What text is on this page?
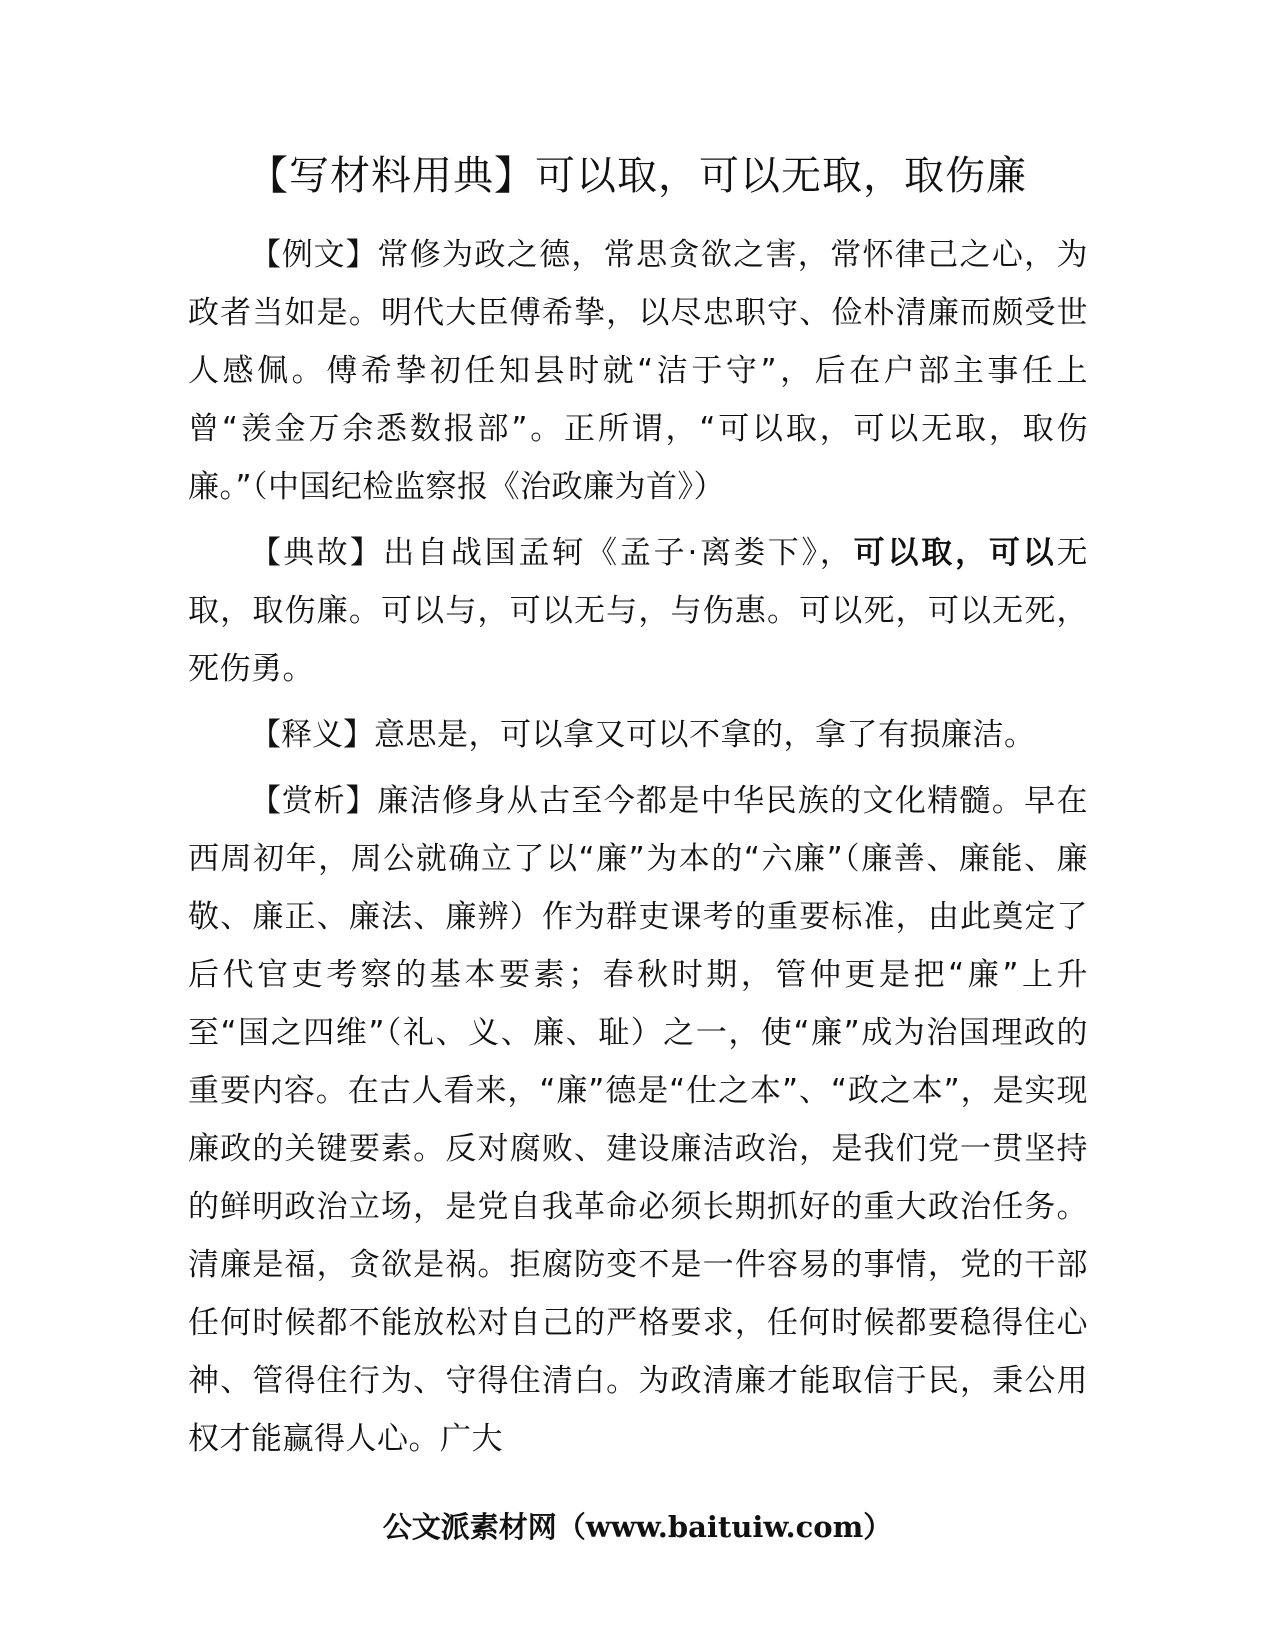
【写材料用典】可以取，可以无取，取伤廉

【例文】常修为政之德，常思贪欲之害，常怀律己之心，为政者当如是。明代大臣傅希挚，以尽忠职守、俭朴清廉而颇受世人感佩。傅希挚初任知县时就“洁于守”，后在户部主事任上曾“羡金万余悉数报部”。正所谓，“可以取，可以无取，取伤廉。”（中国纪检监察报《治政廉为首》）

【典故】出自战国孟轲《孟子·离娄下》，可以取，可以无取，取伤廉。可以与，可以无与，与伤惠。可以死，可以无死，死伤勇。

【释义】意思是，可以拿又可以不拿的，拿了有损廉洁。

【赏析】廉洁修身从古至今都是中华民族的文化精髓。早在西周初年，周公就确立了以“廉”为本的“六廉”（廉善、廉能、廉敬、廉正、廉法、廉辨）作为群吏课考的重要标准，由此奠定了后代官吏考察的基本要素；春秋时期，管仲更是把“廉”上升至“国之四维”（礼、义、廉、耻）之一，使“廉”成为治国理政的重要内容。在古人看来，“廉”德是“仕之本”、“政之本”，是实现廉政的关键要素。反对腐败、建设廉洁政治，是我们党一贯坚持的鲜明政治立场，是党自我革命必须长期抓好的重大政治任务。清廉是福，贪欲是祸。拒腐防变不是一件容易的事情，党的干部任何时候都不能放松对自己的严格要求，任何时候都要稳得住心神、管得住行为、守得住清白。为政清廉才能取信于民，秉公用权才能赢得人心。广大

公文派素材网（www.baituiw.com）
